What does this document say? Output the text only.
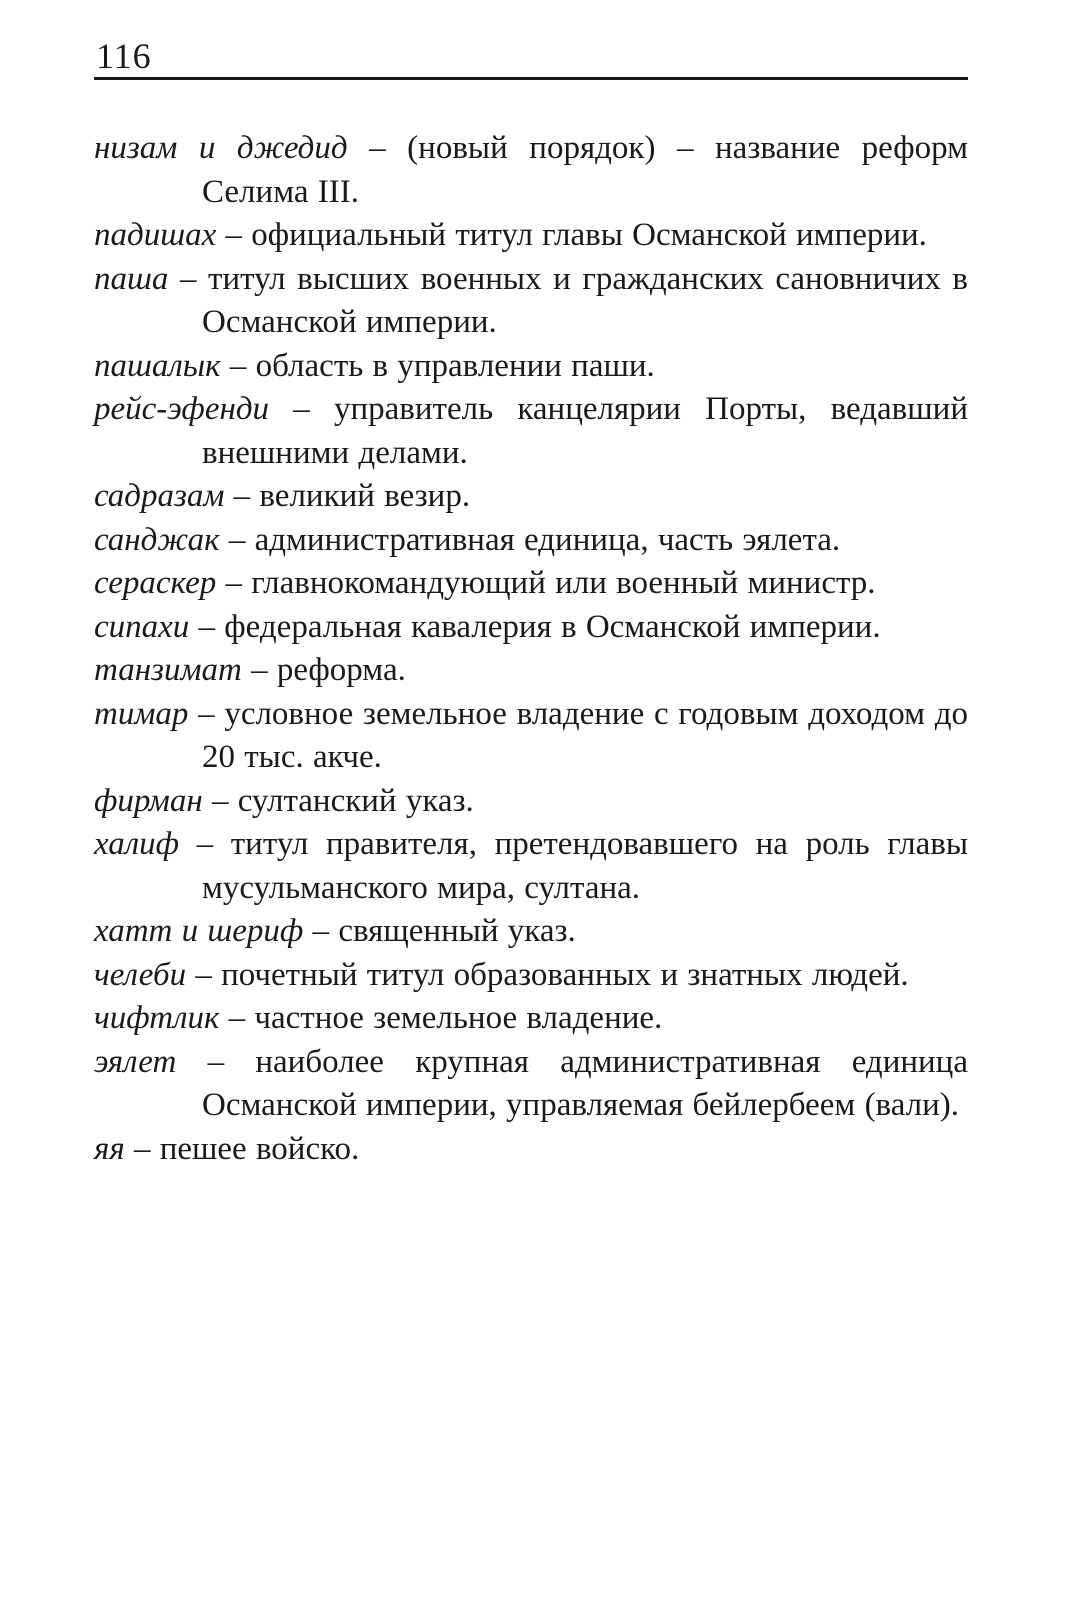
116
низам и джедид – (новый порядок) – название реформ Селима III.
падишах – официальный титул главы Османской империи.
паша – титул высших военных и гражданских сановничих в Османской империи.
пашалык – область в управлении паши.
рейс-эфенди – управитель канцелярии Порты, ведавший внешними делами.
садразам – великий везир.
санджак – административная единица, часть эялета.
сераскер – главнокомандующий или военный министр.
сипахи – федеральная кавалерия в Османской империи.
танзимат – реформа.
тимар – условное земельное владение с годовым доходом до 20 тыс. акче.
фирман – султанский указ.
халиф – титул правителя, претендовавшего на роль главы мусульманского мира, султана.
хатт и шериф – священный указ.
челеби – почетный титул образованных и знатных людей.
чифтлик – частное земельное владение.
эялет – наиболее крупная административная единица Османской империи, управляемая бейлербеем (вали).
яя – пешее войско.
